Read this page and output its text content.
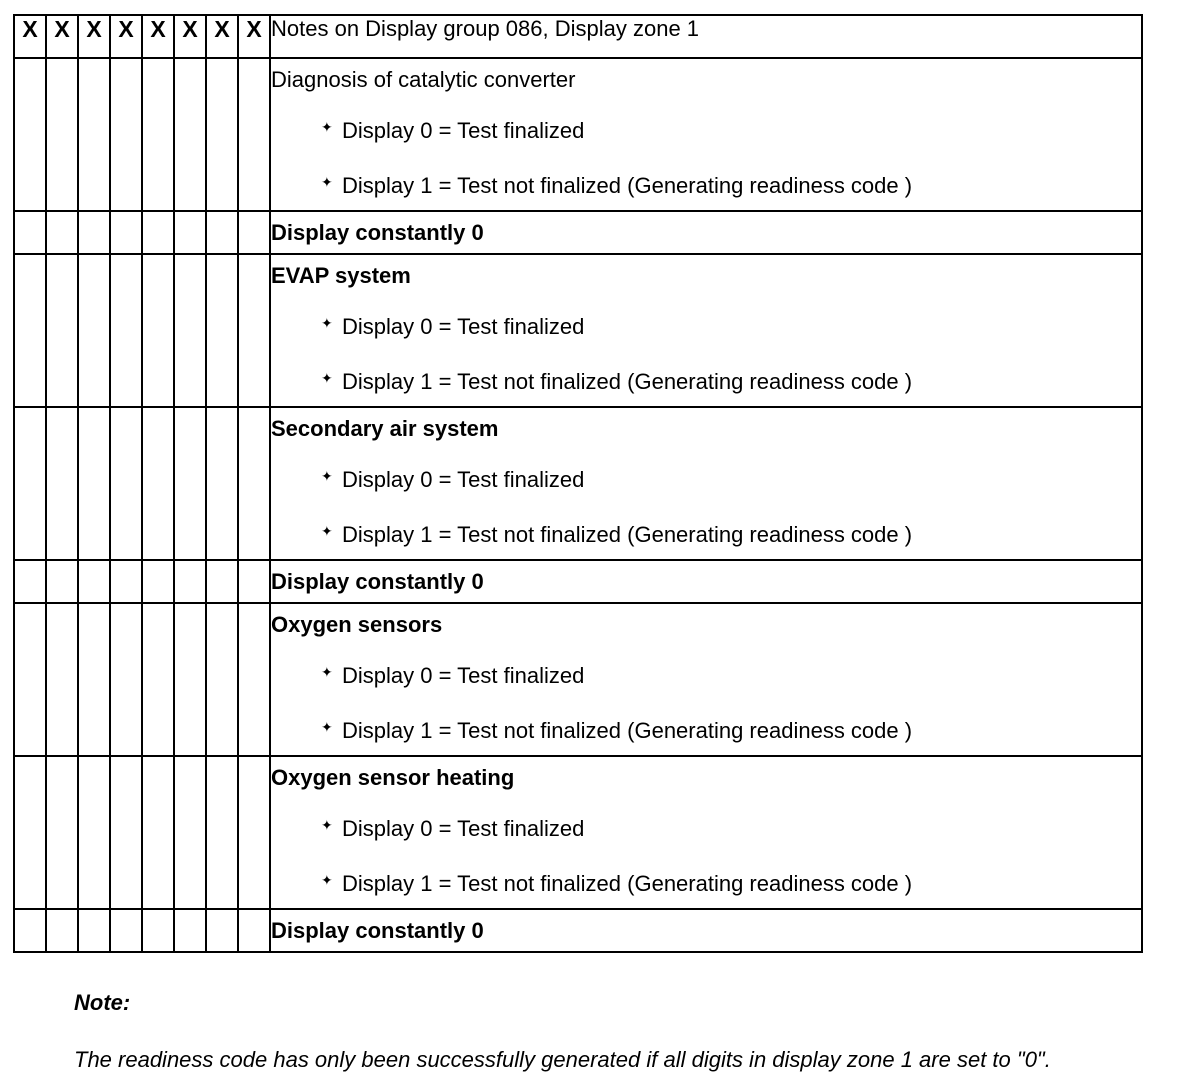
X	X	X	X	X	X	X	X	Notes on Display group 086, Display zone 1

								Diagnosis of catalytic converter
✦ Display 0 = Test finalized
✦ Display 1 = Test not finalized (Generating readiness code )

								Display constantly 0

								EVAP system
✦ Display 0 = Test finalized
✦ Display 1 = Test not finalized (Generating readiness code )

								Secondary air system
✦ Display 0 = Test finalized
✦ Display 1 = Test not finalized (Generating readiness code )

								Display constantly 0

								Oxygen sensors
✦ Display 0 = Test finalized
✦ Display 1 = Test not finalized (Generating readiness code )

								Oxygen sensor heating
✦ Display 0 = Test finalized
✦ Display 1 = Test not finalized (Generating readiness code )

								Display constantly 0
Note:
The readiness code has only been successfully generated if all digits in display zone 1 are set to "0".
